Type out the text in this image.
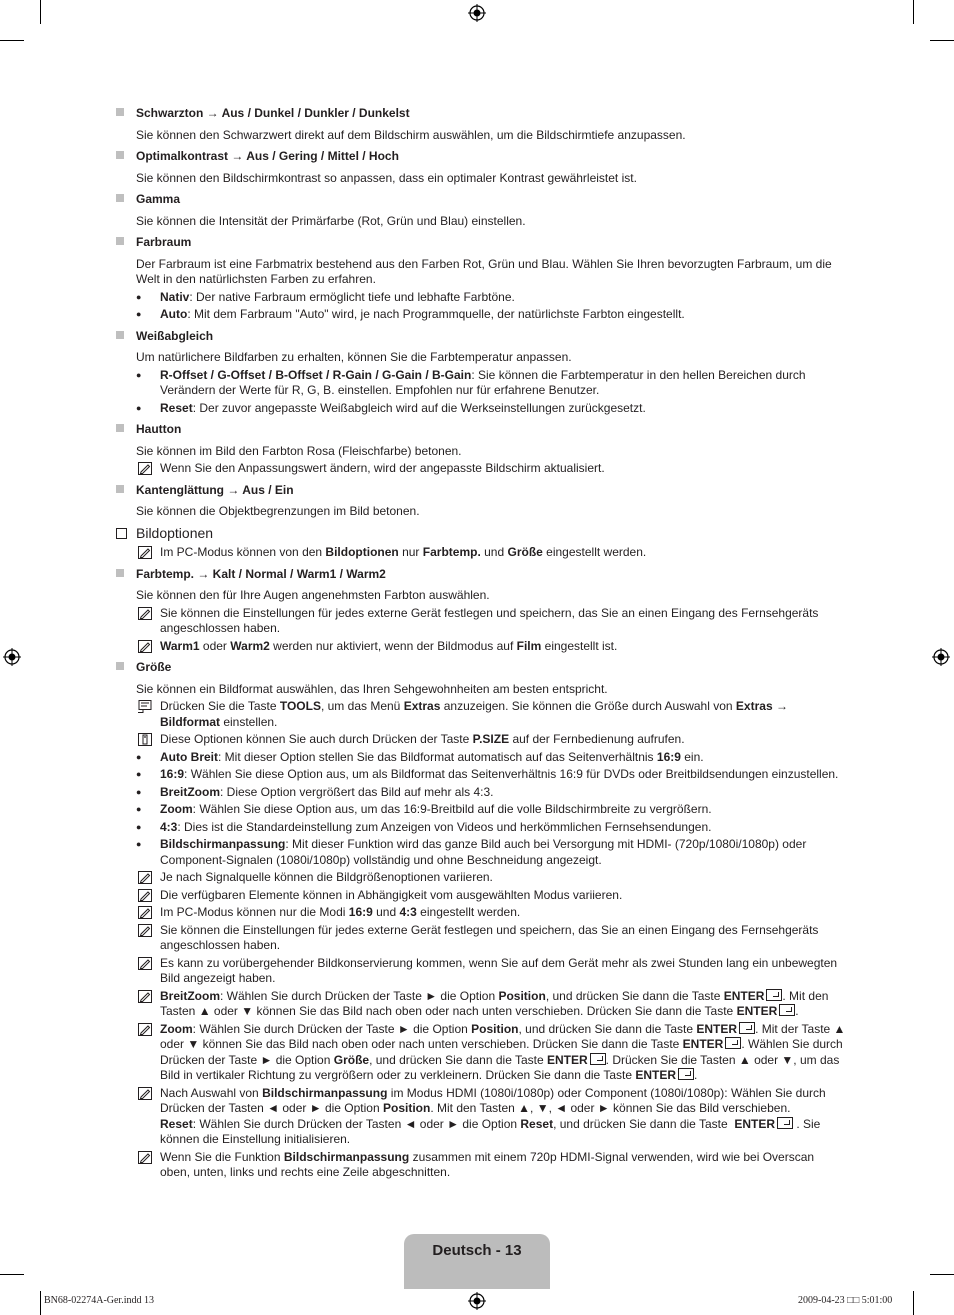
Schwarzton → Aus / Dunkel / Dunkler / Dunkelst
Sie können den Schwarzwert direkt auf dem Bildschirm auswählen, um die Bildschirmtiefe anzupassen.
Optimalkontrast → Aus / Gering / Mittel / Hoch
Sie können den Bildschirmkontrast so anpassen, dass ein optimaler Kontrast gewährleistet ist.
Gamma
Sie können die Intensität der Primärfarbe (Rot, Grün und Blau) einstellen.
Farbraum
Der Farbraum ist eine Farbmatrix bestehend aus den Farben Rot, Grün und Blau. Wählen Sie Ihren bevorzugten Farbraum, um die Welt in den natürlichsten Farben zu erfahren.
● Nativ: Der native Farbraum ermöglicht tiefe und lebhafte Farbtöne.
● Auto: Mit dem Farbraum "Auto" wird, je nach Programmquelle, der natürlichste Farbton eingestellt.
Weißabgleich
Um natürlichere Bildfarben zu erhalten, können Sie die Farbtemperatur anpassen.
● R-Offset / G-Offset / B-Offset / R-Gain / G-Gain / B-Gain: Sie können die Farbtemperatur in den hellen Bereichen durch Verändern der Werte für R, G, B. einstellen. Empfohlen nur für erfahrene Benutzer.
● Reset: Der zuvor angepasste Weißabgleich wird auf die Werkseinstellungen zurückgesetzt.
Hautton
Sie können im Bild den Farbton Rosa (Fleischfarbe) betonen.
Wenn Sie den Anpassungswert ändern, wird der angepasste Bildschirm aktualisiert.
Kantenglättung → Aus / Ein
Sie können die Objektbegrenzungen im Bild betonen.
Bildoptionen
Im PC-Modus können von den Bildoptionen nur Farbtemp. und Größe eingestellt werden.
Farbtemp. → Kalt / Normal / Warm1 / Warm2
Sie können den für Ihre Augen angenehmsten Farbton auswählen.
Sie können die Einstellungen für jedes externe Gerät festlegen und speichern, das Sie an einen Eingang des Fernsehgeräts angeschlossen haben.
Warm1 oder Warm2 werden nur aktiviert, wenn der Bildmodus auf Film eingestellt ist.
Größe
Sie können ein Bildformat auswählen, das Ihren Sehgewohnheiten am besten entspricht.
Drücken Sie die Taste TOOLS, um das Menü Extras anzuzeigen. Sie können die Größe durch Auswahl von Extras →
Bildformat einstellen.
Diese Optionen können Sie auch durch Drücken der Taste P.SIZE auf der Fernbedienung aufrufen.
● Auto Breit: Mit dieser Option stellen Sie das Bildformat automatisch auf das Seitenverhältnis 16:9 ein.
● 16:9: Wählen Sie diese Option aus, um als Bildformat das Seitenverhältnis 16:9 für DVDs oder Breitbildsendungen einzustellen.
● BreitZoom: Diese Option vergrößert das Bild auf mehr als 4:3.
● Zoom: Wählen Sie diese Option aus, um das 16:9-Breitbild auf die volle Bildschirmbreite zu vergrößern.
● 4:3: Dies ist die Standardeinstellung zum Anzeigen von Videos und herkömmlichen Fernsehsendungen.
● Bildschirmanpassung: Mit dieser Funktion wird das ganze Bild auch bei Versorgung mit HDMI- (720p/1080i/1080p) oder Component-Signalen (1080i/1080p) vollständig und ohne Beschneidung angezeigt.
Je nach Signalquelle können die Bildgrößenoptionen variieren.
Die verfügbaren Elemente können in Abhängigkeit vom ausgewählten Modus variieren.
Im PC-Modus können nur die Modi 16:9 und 4:3 eingestellt werden.
Sie können die Einstellungen für jedes externe Gerät festlegen und speichern, das Sie an einen Eingang des Fernsehgeräts angeschlossen haben.
Es kann zu vorübergehender Bildkonservierung kommen, wenn Sie auf dem Gerät mehr als zwei Stunden lang ein unbewegten Bild angezeigt haben.
BreitZoom: Wählen Sie durch Drücken der Taste ► die Option Position, und drücken Sie dann die Taste ENTER . Mit den Tasten ▲ oder ▼ können Sie das Bild nach oben oder nach unten verschieben. Drücken Sie dann die Taste ENTER .
Zoom: Wählen Sie durch Drücken der Taste ► die Option Position, und drücken Sie dann die Taste ENTER . Mit der Taste ▲ oder ▼ können Sie das Bild nach oben oder nach unten verschieben. Drücken Sie dann die Taste ENTER . Wählen Sie durch Drücken der Taste ► die Option Größe, und drücken Sie dann die Taste ENTER . Drücken Sie die Tasten ▲ oder ▼, um das Bild in vertikaler Richtung zu vergrößern oder zu verkleinern. Drücken Sie dann die Taste ENTER .
Nach Auswahl von Bildschirmanpassung im Modus HDMI (1080i/1080p) oder Component (1080i/1080p): Wählen Sie durch Drücken der Tasten ◄ oder ► die Option Position. Mit den Tasten ▲, ▼, ◄ oder ► können Sie das Bild verschieben.
Reset: Wählen Sie durch Drücken der Tasten ◄ oder ► die Option Reset, und drücken Sie dann die Taste  ENTER . Sie können die Einstellung initialisieren.
Wenn Sie die Funktion Bildschirmanpassung zusammen mit einem 720p HDMI-Signal verwenden, wird wie bei Overscan oben, unten, links und rechts eine Zeile abgeschnitten.
Deutsch - 13
BN68-02274A-Ger.indd 13	2009-04-23 □□ 5:01:00
